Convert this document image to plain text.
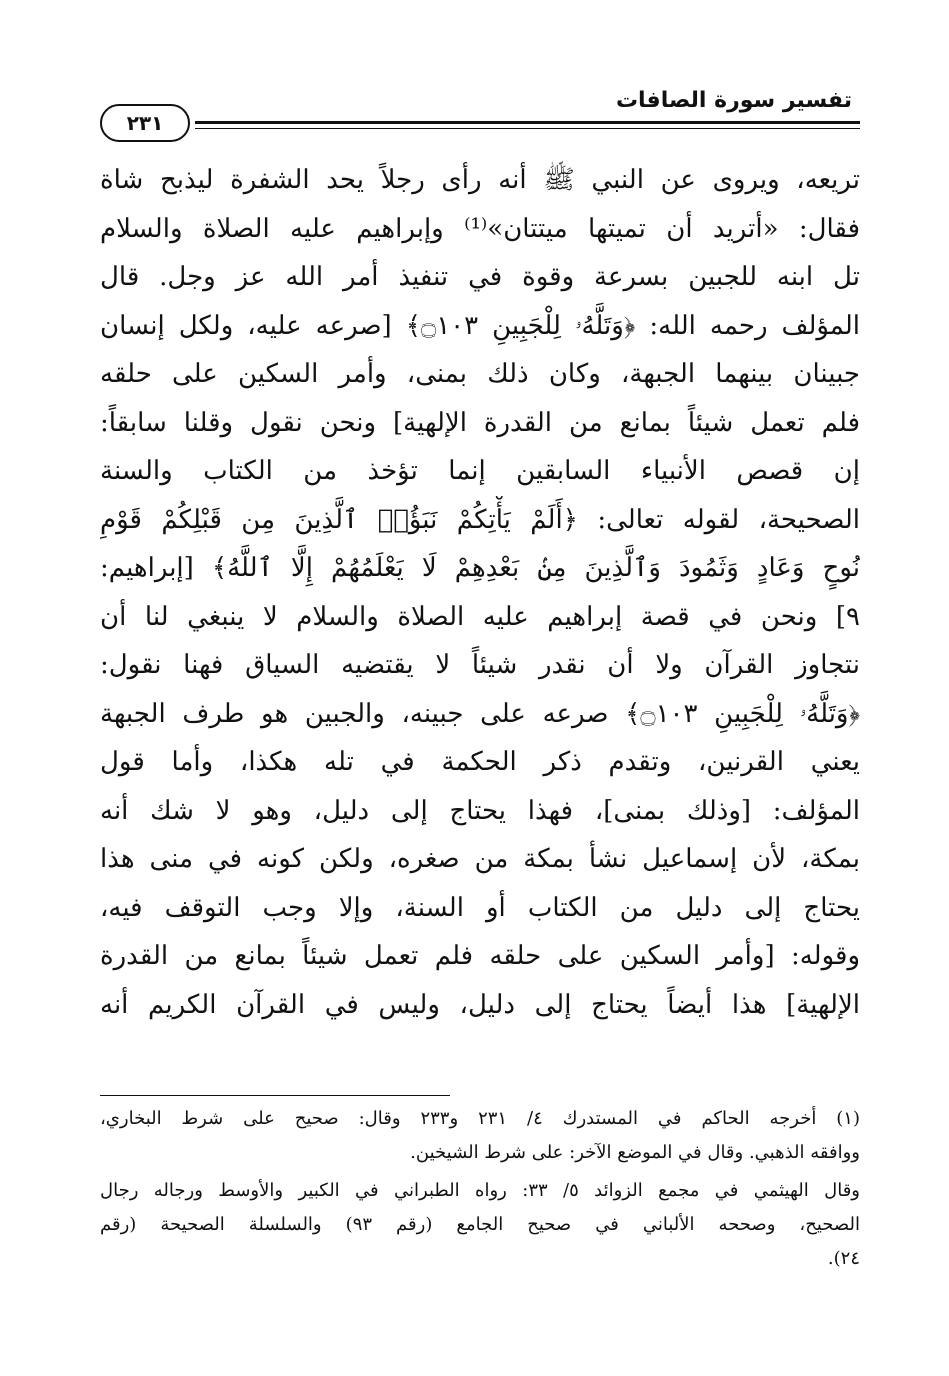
تفسير سورة الصافات
٢٣١
تريعه، ويروى عن النبي ﷺ أنه رأى رجلاً يحد الشفرة ليذبح شاة
فقال: «أتريد أن تميتها ميتتان»⁽¹⁾ وإبراهيم عليه الصلاة والسلام
تل ابنه للجبين بسرعة وقوة في تنفيذ أمر الله عز وجل. قال
المؤلف رحمه الله: ﴿وَتَلَّهُۥ لِلْجَبِينِ ۝١٠٣﴾ [صرعه عليه، ولكل إنسان
جبينان بينهما الجبهة، وكان ذلك بمنى، وأمر السكين على حلقه
فلم تعمل شيئاً بمانع من القدرة الإلهية] ونحن نقول وقلنا سابقاً:
إن قصص الأنبياء السابقين إنما تؤخذ من الكتاب والسنة
الصحيحة، لقوله تعالى: ﴿أَلَمْ يَأْتِكُمْ نَبَؤُا۟ ٱلَّذِينَ مِن قَبْلِكُمْ قَوْمِ
نُوحٍ وَعَادٍ وَثَمُودَ وَٱلَّذِينَ مِنۢ بَعْدِهِمْ لَا يَعْلَمُهُمْ إِلَّا ٱللَّهُ﴾ [إبراهيم:
٩] ونحن في قصة إبراهيم عليه الصلاة والسلام لا ينبغي لنا أن
نتجاوز القرآن ولا أن نقدر شيئاً لا يقتضيه السياق فهنا نقول:
﴿وَتَلَّهُۥ لِلْجَبِينِ ۝١٠٣﴾ صرعه على جبينه، والجبين هو طرف الجبهة
يعني القرنين، وتقدم ذكر الحكمة في تله هكذا، وأما قول
المؤلف: [وذلك بمنى]، فهذا يحتاج إلى دليل، وهو لا شك أنه
بمكة، لأن إسماعيل نشأ بمكة من صغره، ولكن كونه في منى هذا
يحتاج إلى دليل من الكتاب أو السنة، وإلا وجب التوقف فيه،
وقوله: [وأمر السكين على حلقه فلم تعمل شيئاً بمانع من القدرة
الإلهية] هذا أيضاً يحتاج إلى دليل، وليس في القرآن الكريم أنه
(١) أخرجه الحاكم في المستدرك ٤/ ٢٣١ و٢٣٣ وقال: صحيح على شرط البخاري،
ووافقه الذهبي. وقال في الموضع الآخر: على شرط الشيخين.
وقال الهيثمي في مجمع الزوائد ٥/ ٣٣: رواه الطبراني في الكبير والأوسط ورجاله رجال
الصحيح، وصححه الألباني في صحيح الجامع (رقم ٩٣) والسلسلة الصحيحة (رقم
٢٤).
